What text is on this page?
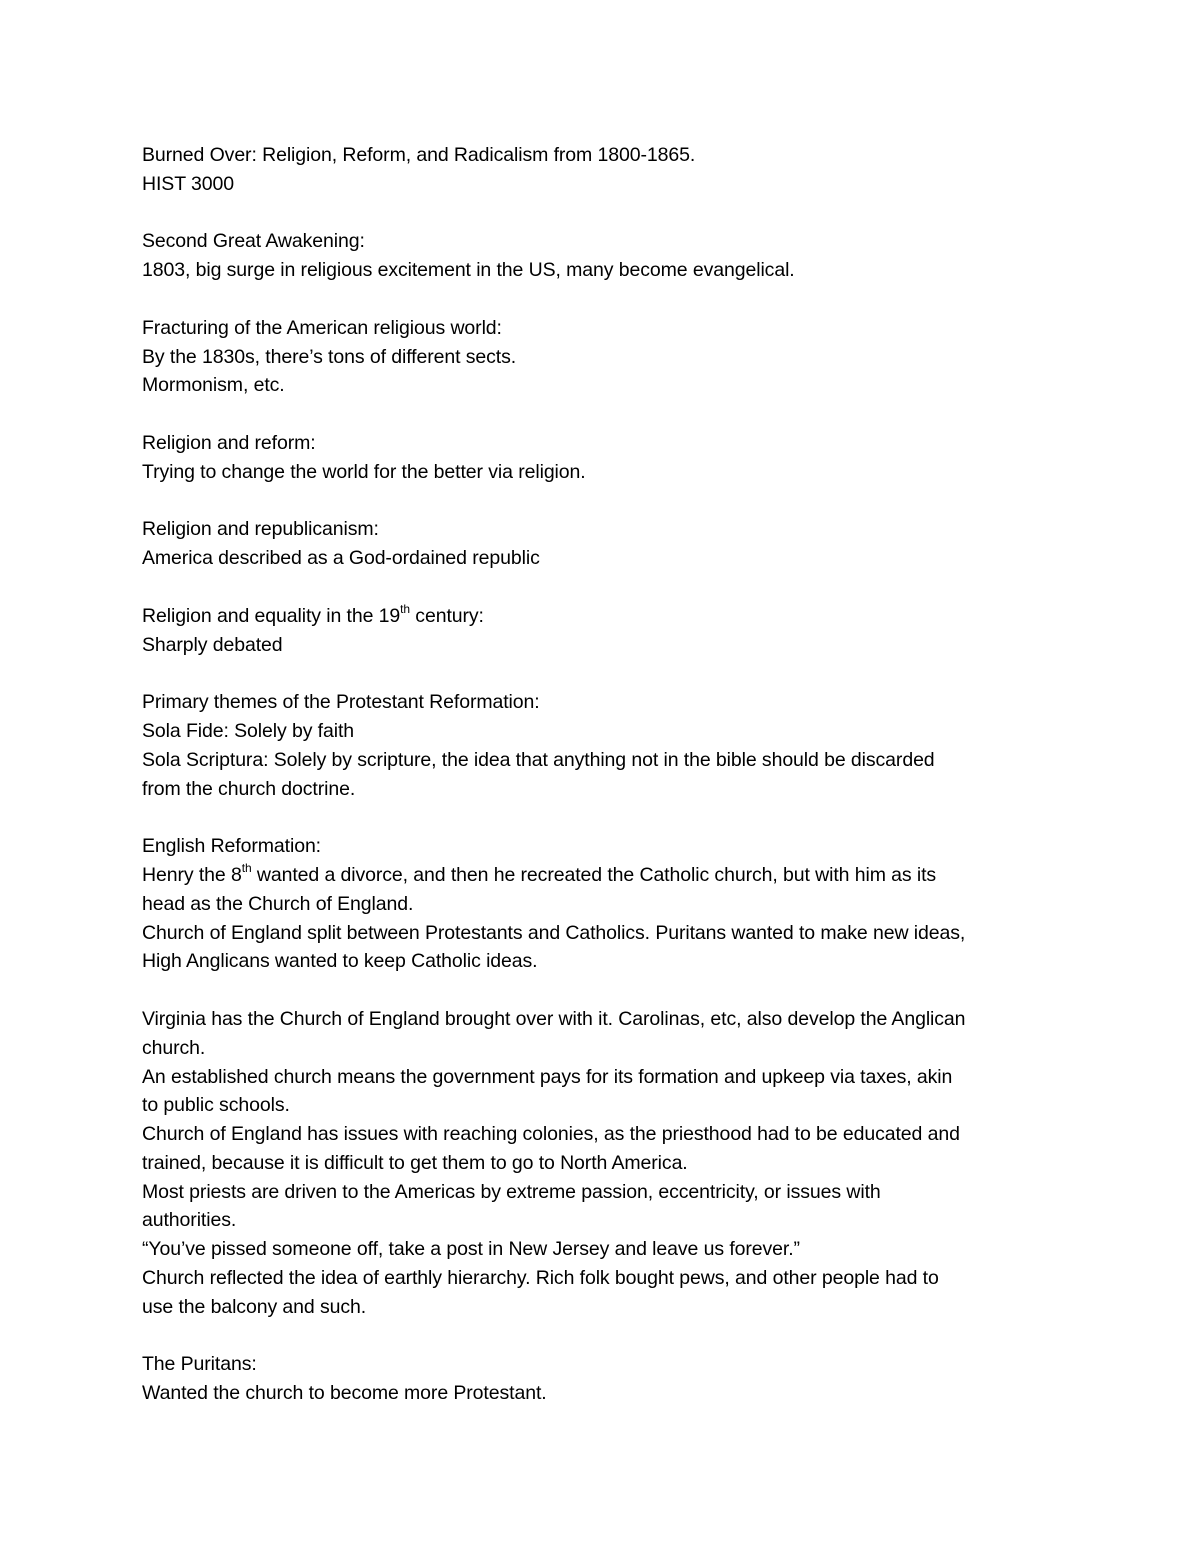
Burned Over: Religion, Reform, and Radicalism from 1800-1865.
HIST 3000
Second Great Awakening:
1803, big surge in religious excitement in the US, many become evangelical.
Fracturing of the American religious world:
By the 1830s, there’s tons of different sects.
Mormonism, etc.
Religion and reform:
Trying to change the world for the better via religion.
Religion and republicanism:
America described as a God-ordained republic
Religion and equality in the 19th century:
Sharply debated
Primary themes of the Protestant Reformation:
Sola Fide: Solely by faith
Sola Scriptura: Solely by scripture, the idea that anything not in the bible should be discarded
from the church doctrine.
English Reformation:
Henry the 8th wanted a divorce, and then he recreated the Catholic church, but with him as its
head as the Church of England.
Church of England split between Protestants and Catholics. Puritans wanted to make new ideas,
High Anglicans wanted to keep Catholic ideas.
Virginia has the Church of England brought over with it. Carolinas, etc, also develop the Anglican
church.
An established church means the government pays for its formation and upkeep via taxes, akin
to public schools.
Church of England has issues with reaching colonies, as the priesthood had to be educated and
trained, because it is difficult to get them to go to North America.
Most priests are driven to the Americas by extreme passion, eccentricity, or issues with
authorities.
“You’ve pissed someone off, take a post in New Jersey and leave us forever.”
Church reflected the idea of earthly hierarchy. Rich folk bought pews, and other people had to
use the balcony and such.
The Puritans:
Wanted the church to become more Protestant.
